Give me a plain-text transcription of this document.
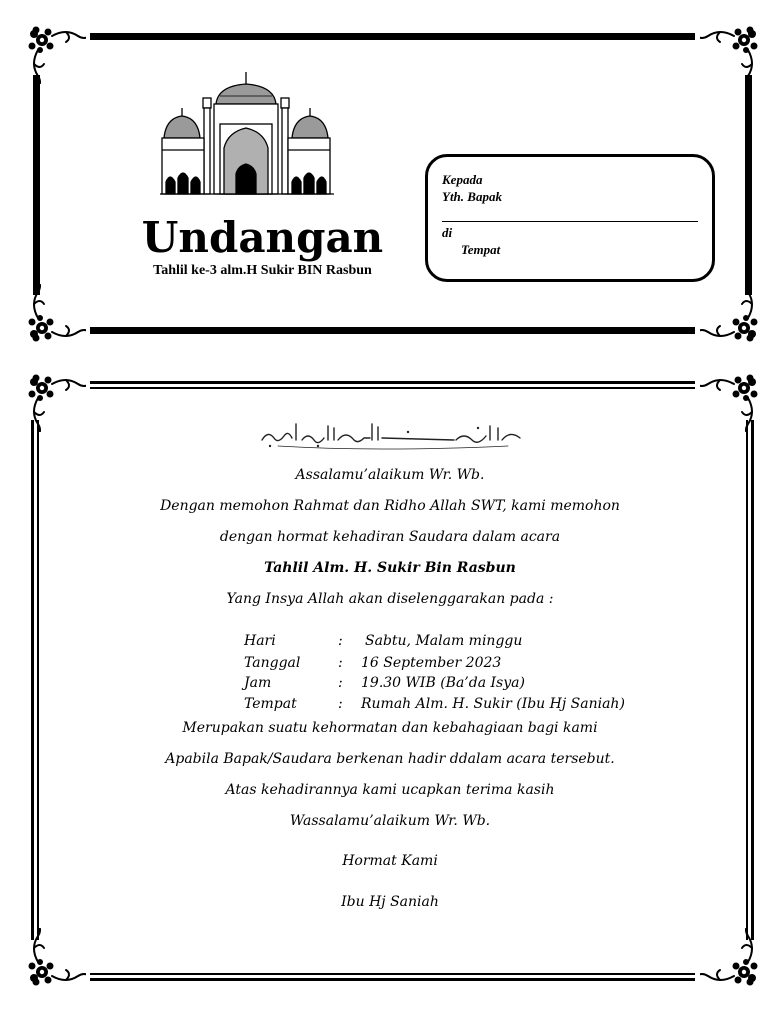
Undangan
Tahlil ke-3 alm.H Sukir BIN Rasbun
Kepada
Yth. Bapak
di
Tempat
Assalamu’alaikum Wr. Wb.
Dengan memohon Rahmat dan Ridho Allah SWT, kami memohon
dengan hormat kehadiran Saudara dalam acara
Tahlil Alm. H. Sukir Bin Rasbun
Yang Insya Allah akan diselenggarakan pada :
Hari	: Sabtu, Malam minggu
Tanggal	: 16 September 2023
Jam	: 19.30 WIB (Ba’da Isya)
Tempat	: Rumah Alm. H. Sukir (Ibu Hj Saniah)
Merupakan suatu kehormatan dan kebahagiaan bagi kami
Apabila Bapak/Saudara berkenan hadir ddalam acara tersebut.
Atas kehadirannya kami ucapkan terima kasih
Wassalamu’alaikum Wr. Wb.
Hormat Kami
Ibu Hj Saniah
